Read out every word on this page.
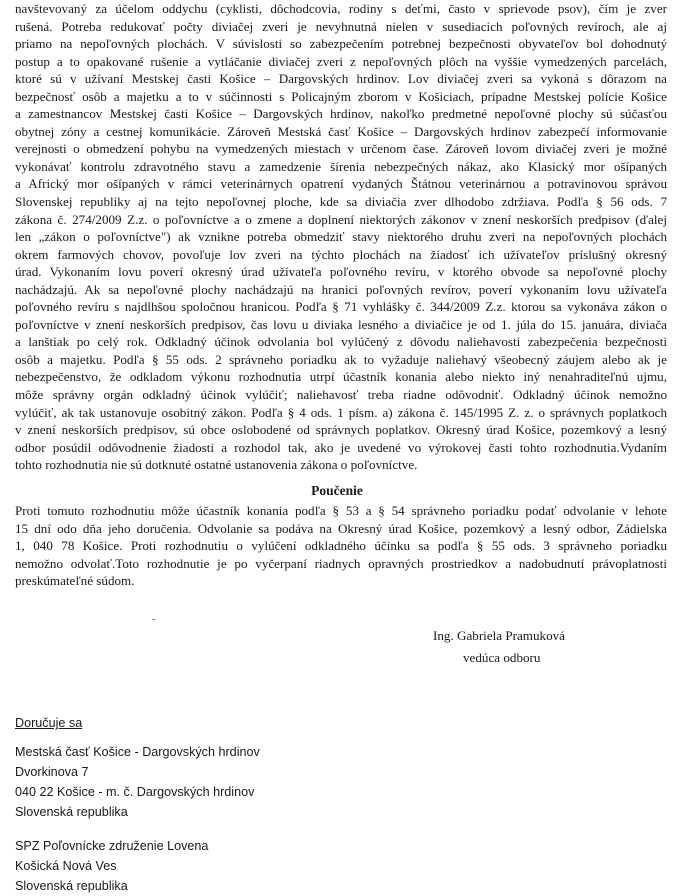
navštevovaný za účelom oddychu (cyklisti, dôchodcovia, rodiny s deťmi, často v sprievode psov), čím je zver
rušená. Potreba redukovať počty diviačej zveri je nevyhnutná nielen v susediacich poľovných revíroch, ale aj
priamo na nepoľovných plochách. V súvislosti so zabezpečením potrebnej bezpečnosti obyvateľov bol dohodnutý
postup a to opakované rušenie a vytláčanie diviačej zveri z nepoľovných plôch na vyššie vymedzených parcelách,
ktoré sú v užívaní Mestskej časti Košice – Dargovských hrdinov. Lov diviačej zveri sa vykoná s dôrazom na
bezpečnosť osôb a majetku a to v súčinnosti s Policajným zborom v Košiciach, prípadne Mestskej polície Košice
a zamestnancov Mestskej časti Košice – Dargovských hrdinov, nakoľko predmetné nepoľovné plochy sú súčasťou
obytnej zóny a cestnej komunikácie. Zároveň Mestská časť Košice – Dargovských hrdinov zabezpečí informovanie
verejnosti o obmedzení pohybu na vymedzených miestach v určenom čase. Zároveň lovom diviačej zveri je možné
vykonávať kontrolu zdravotného stavu a zamedzenie šírenia nebezpečných nákaz, ako Klasický mor ošípaných
a Africký mor ošípaných v rámci veterinárnych opatrení vydaných Štátnou veterinárnou a potravinovou správou
Slovenskej republiky aj na tejto nepoľovnej ploche, kde sa diviačia zver dlhodobo zdržiava. Podľa § 56 ods. 7
zákona č. 274/2009 Z.z. o poľovníctve a o zmene a doplnení niektorých zákonov v znení neskorších predpisov (ďalej
len „zákon o poľovníctve") ak vznikne potreba obmedziť stavy niektorého druhu zveri na nepoľovných plochách
okrem farmových chovov, povoľuje lov zveri na týchto plochách na žiadosť ich užívateľov príslušný okresný
úrad. Vykonaním lovu poverí okresný úrad užívateľa poľovného revíru, v ktorého obvode sa nepoľovné plochy
nachádzajú. Ak sa nepoľovné plochy nachádzajú na hranici poľovných revírov, poverí vykonaním lovu užívateľa
poľovného revíru s najdlhšou spoločnou hranicou. Podľa § 71 vyhlášky č. 344/2009 Z.z. ktorou sa vykonáva zákon o
poľovníctve v znení neskorších predpisov, čas lovu u diviaka lesného a diviačice je od 1. júla do 15. januára, diviača
a lanštiak po celý rok. Odkladný účinok odvolania bol vylúčený z dôvodu naliehavosti zabezpečenia bezpečnosti
osôb a majetku. Podľa § 55 ods. 2 správneho poriadku ak to vyžaduje naliehavý všeobecný záujem alebo ak je
nebezpečenstvo, že odkladom výkonu rozhodnutia utrpí účastník konania alebo niekto iný nenahraditeľnú ujmu,
môže správny orgán odkladný účinok vylúčiť; naliehavosť treba riadne odôvodniť. Odkladný účinok nemožno
vylúčiť, ak tak ustanovuje osobitný zákon. Podľa § 4 ods. 1 písm. a) zákona č. 145/1995 Z. z. o správnych poplatkoch
v znení neskorších predpisov, sú obce oslobodené od správnych poplatkov. Okresný úrad Košice, pozemkový a lesný
odbor posúdil odôvodnenie žiadosti a rozhodol tak, ako je uvedené vo výrokovej časti tohto rozhodnutia.Vydaním
tohto rozhodnutia nie sú dotknuté ostatné ustanovenia zákona o poľovníctve.
Poučenie
Proti tomuto rozhodnutiu môže účastník konania podľa § 53 a § 54 správneho poriadku podať odvolanie v lehote
15 dní odo dňa jeho doručenia. Odvolanie sa podáva na Okresný úrad Košice, pozemkový a lesný odbor, Zádielska
1, 040 78 Košice. Proti rozhodnutiu o vylúčení odkladného účinku sa podľa § 55 ods. 3 správneho poriadku
nemožno odvolať.Toto rozhodnutie je po vyčerpaní riadnych opravných prostriedkov a nadobudnutí právoplatnosti
preskúmateľné súdom.
-
Ing. Gabriela Pramuková
vedúca odboru
Doručuje sa
Mestská časť Košice - Dargovských hrdinov
Dvorkinova 7
040 22 Košice - m. č. Dargovských hrdinov
Slovenská republika
SPZ Poľovnícke združenie Lovena
Košická Nová Ves
Slovenská republika
